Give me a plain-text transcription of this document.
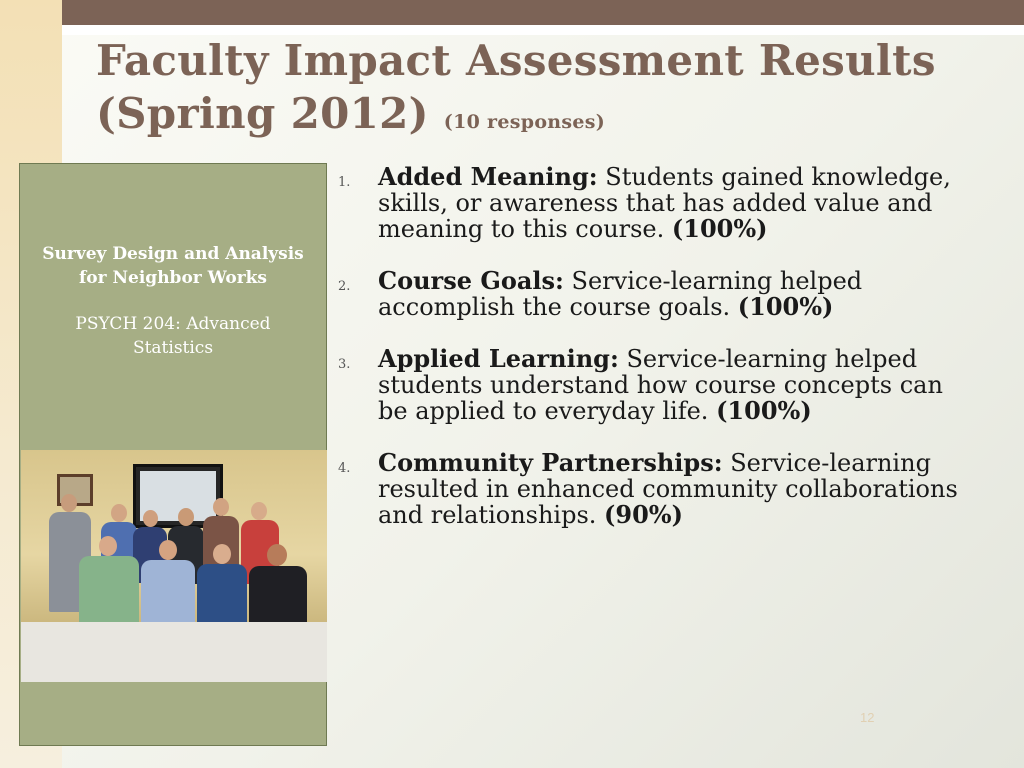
Faculty Impact Assessment Results (Spring 2012) (10 responses)
Survey Design and Analysis for Neighbor Works
PSYCH 204: Advanced Statistics
1. Added Meaning: Students gained knowledge, skills, or awareness that has added value and meaning to this course. (100%)
2. Course Goals: Service-learning helped accomplish the course goals. (100%)
3. Applied Learning: Service-learning helped students understand how course concepts can be applied to everyday life. (100%)
4. Community Partnerships: Service-learning resulted in enhanced community collaborations and relationships. (90%)
12
